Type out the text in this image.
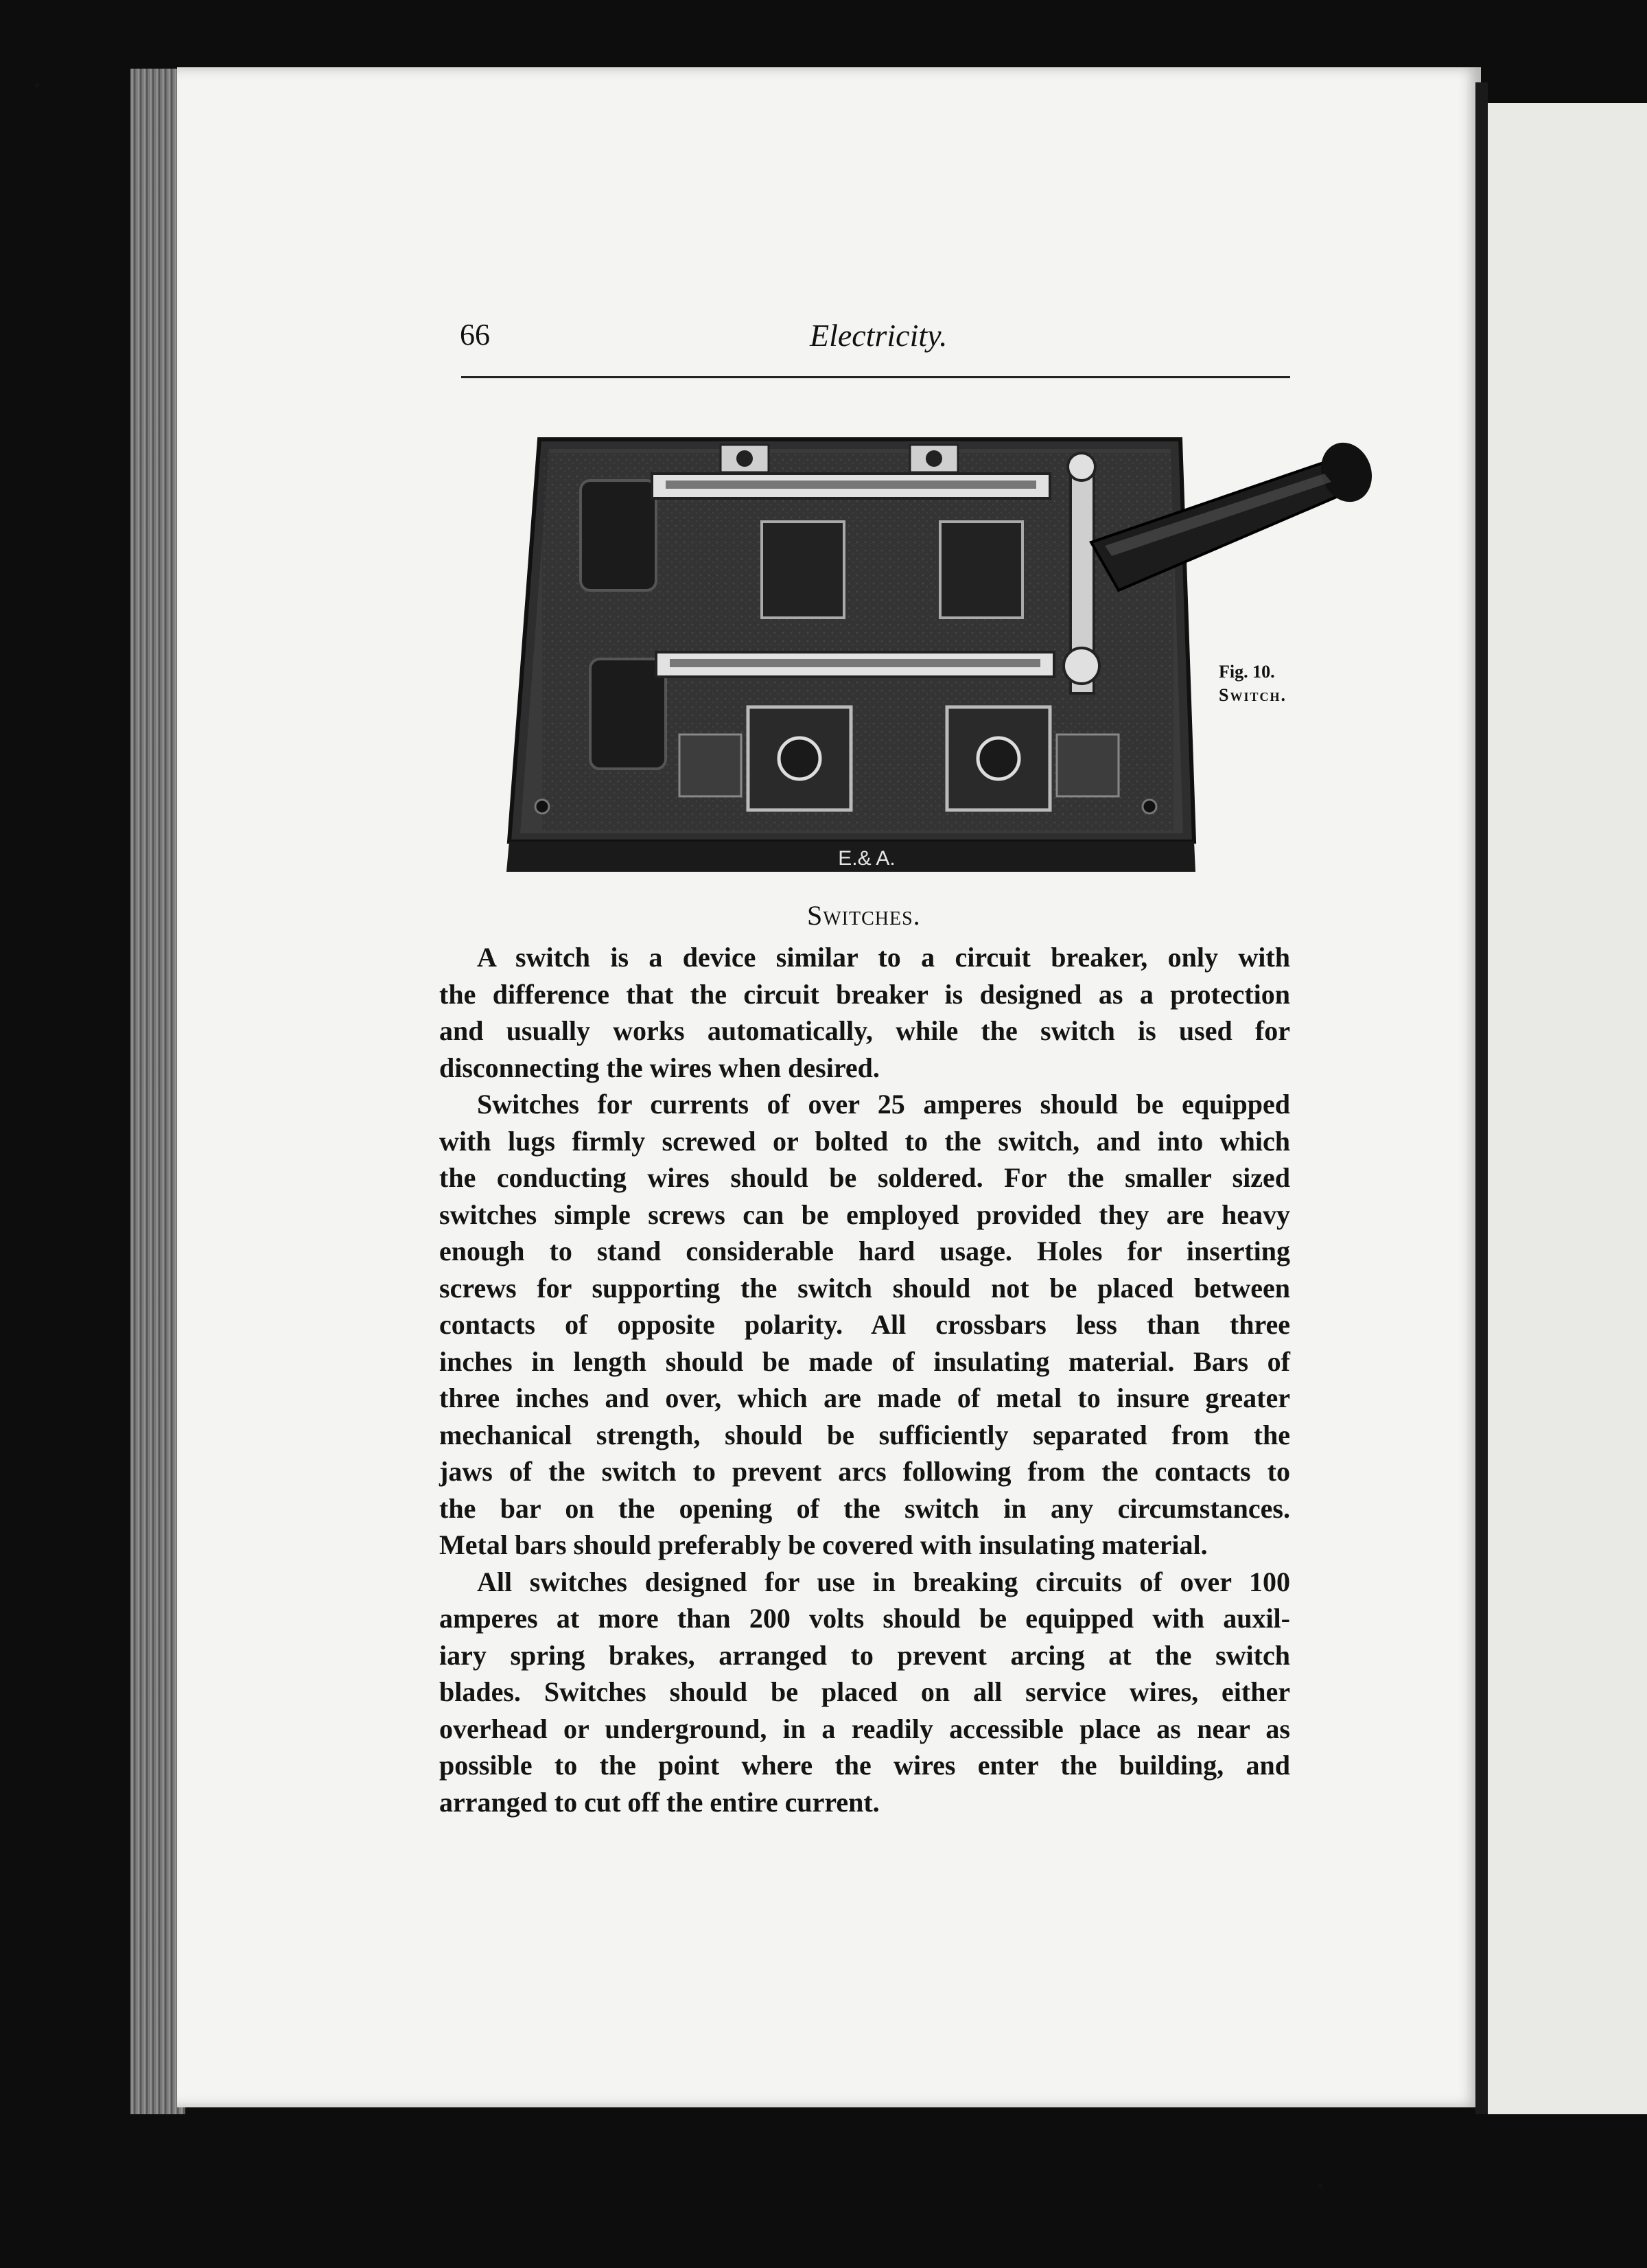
66	Electricity.
E.& A.
Fig. 10.
Switch.
Switches.

A switch is a device similar to a circuit breaker, only with
the difference that the circuit breaker is designed as a protection
and usually works automatically, while the switch is used for
disconnecting the wires when desired.

Switches for currents of over 25 amperes should be equipped
with lugs firmly screwed or bolted to the switch, and into which
the conducting wires should be soldered. For the smaller sized
switches simple screws can be employed provided they are heavy
enough to stand considerable hard usage. Holes for inserting
screws for supporting the switch should not be placed between
contacts of opposite polarity. All crossbars less than three
inches in length should be made of insulating material. Bars of
three inches and over, which are made of metal to insure greater
mechanical strength, should be sufficiently separated from the
jaws of the switch to prevent arcs following from the contacts to
the bar on the opening of the switch in any circumstances.
Metal bars should preferably be covered with insulating material.

All switches designed for use in breaking circuits of over 100
amperes at more than 200 volts should be equipped with auxil-
iary spring brakes, arranged to prevent arcing at the switch
blades. Switches should be placed on all service wires, either
overhead or underground, in a readily accessible place as near as
possible to the point where the wires enter the building, and
arranged to cut off the entire current.
